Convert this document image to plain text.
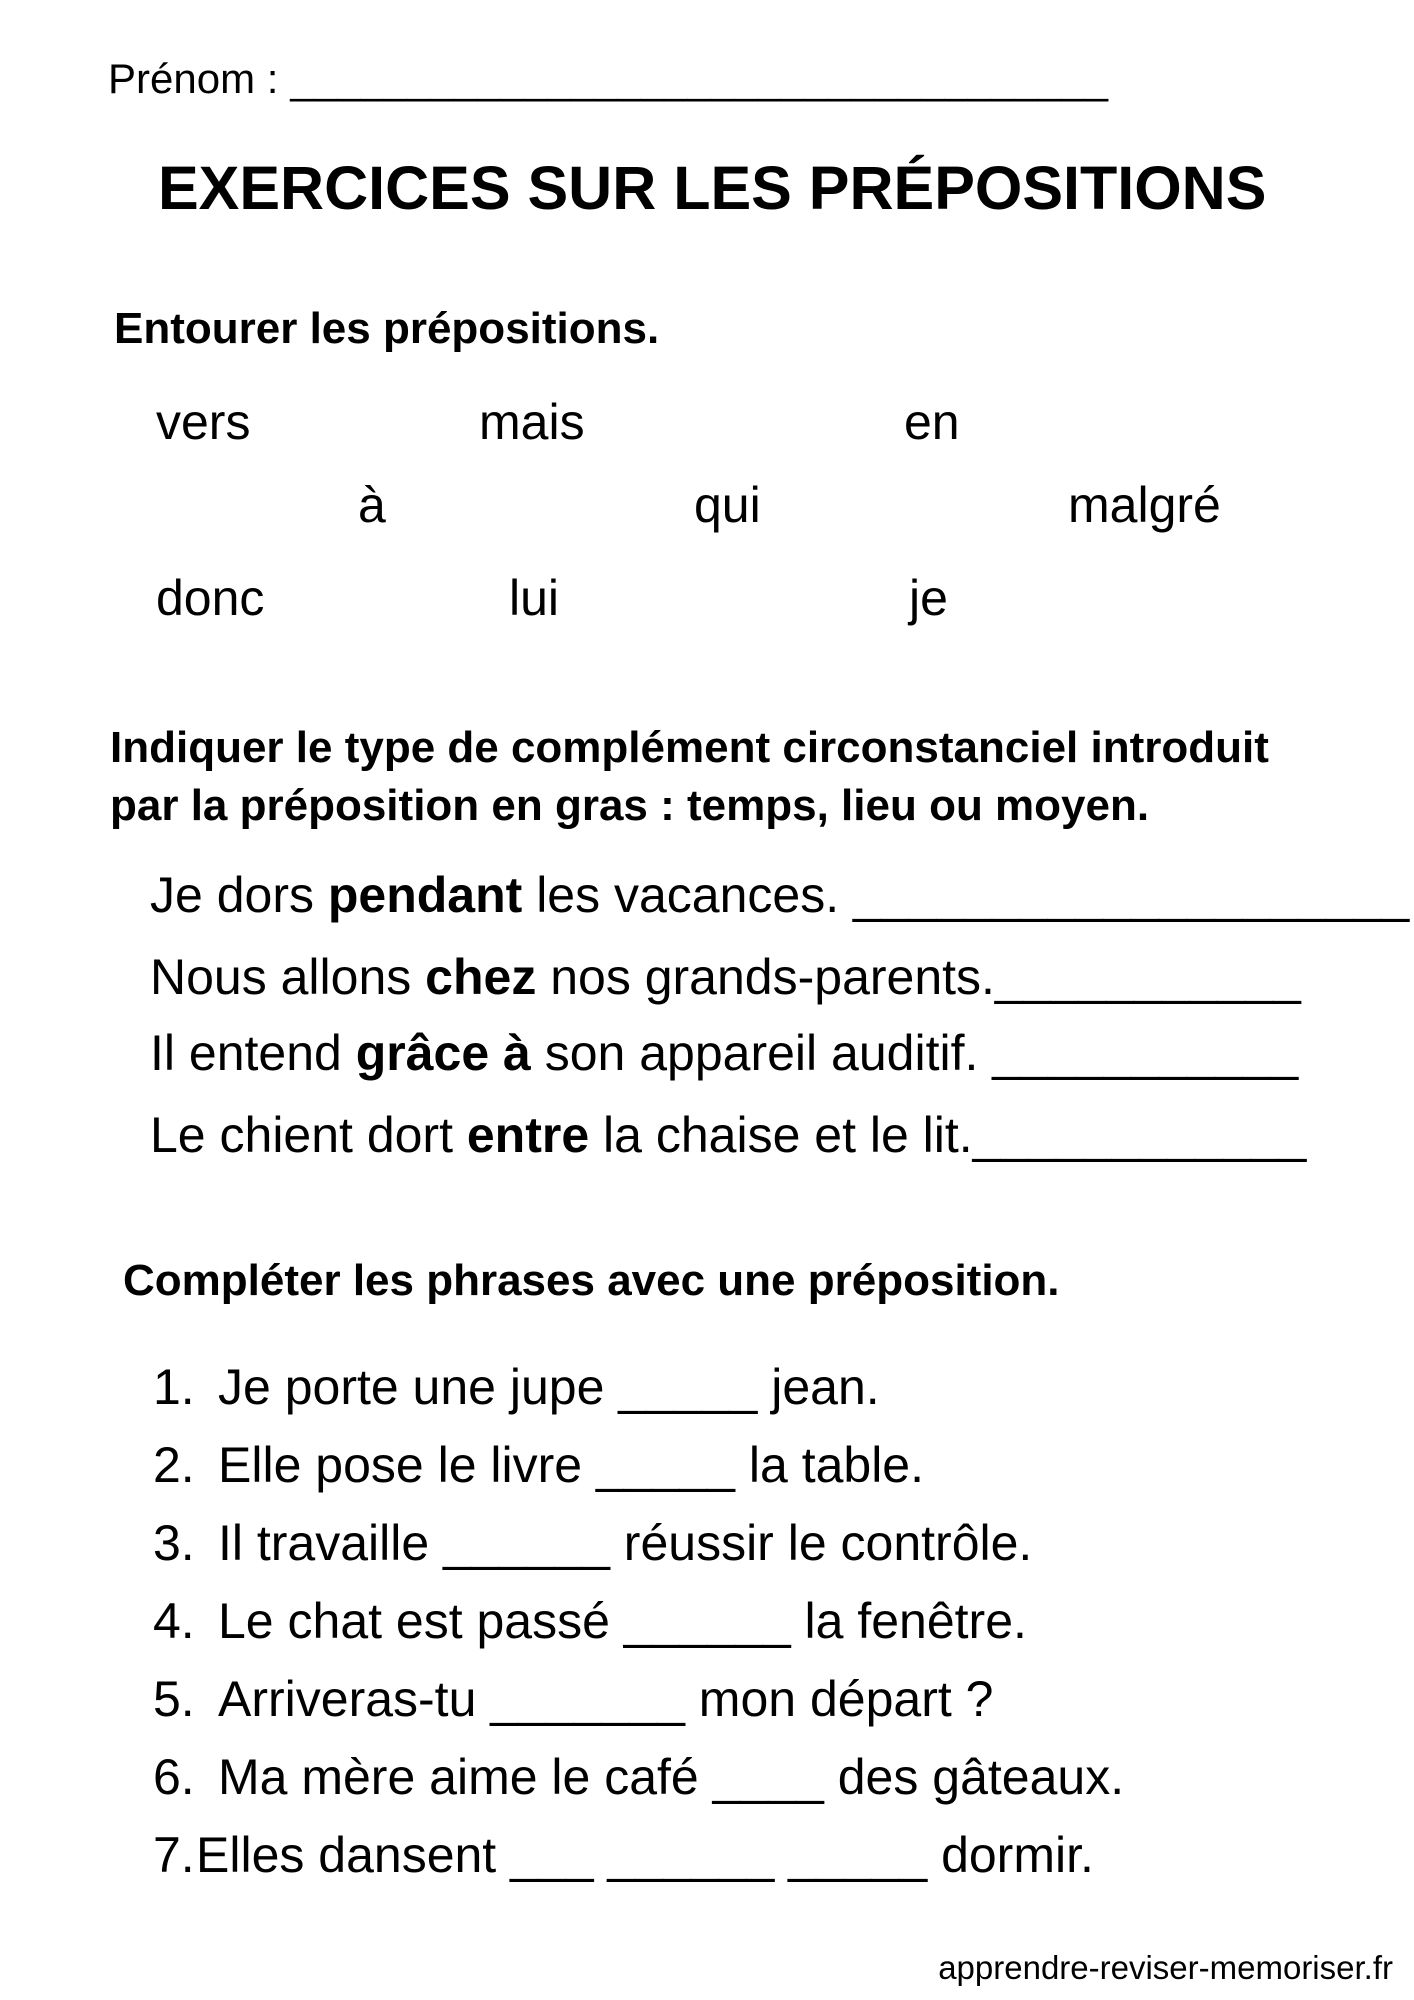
Prénom : ___________________________________
EXERCICES SUR LES PRÉPOSITIONS
Entourer les prépositions.
vers	mais	en
à	qui	malgré
donc	lui	je
Indiquer le type de complément circonstanciel introduit
par la préposition en gras : temps, lieu ou moyen.
Je dors pendant les vacances. ____________________
Nous allons chez nos grands-parents.___________
Il entend grâce à son appareil auditif. ___________
Le chient dort entre la chaise et le lit.____________
Compléter les phrases avec une préposition.
1. Je porte une jupe _____ jean.
2. Elle pose le livre _____ la table.
3. Il travaille ______ réussir le contrôle.
4. Le chat est passé ______ la fenêtre.
5. Arriveras-tu _______ mon départ ?
6. Ma mère aime le café ____ des gâteaux.
7.Elles dansent ___ ______ _____ dormir.
apprendre-reviser-memoriser.fr
